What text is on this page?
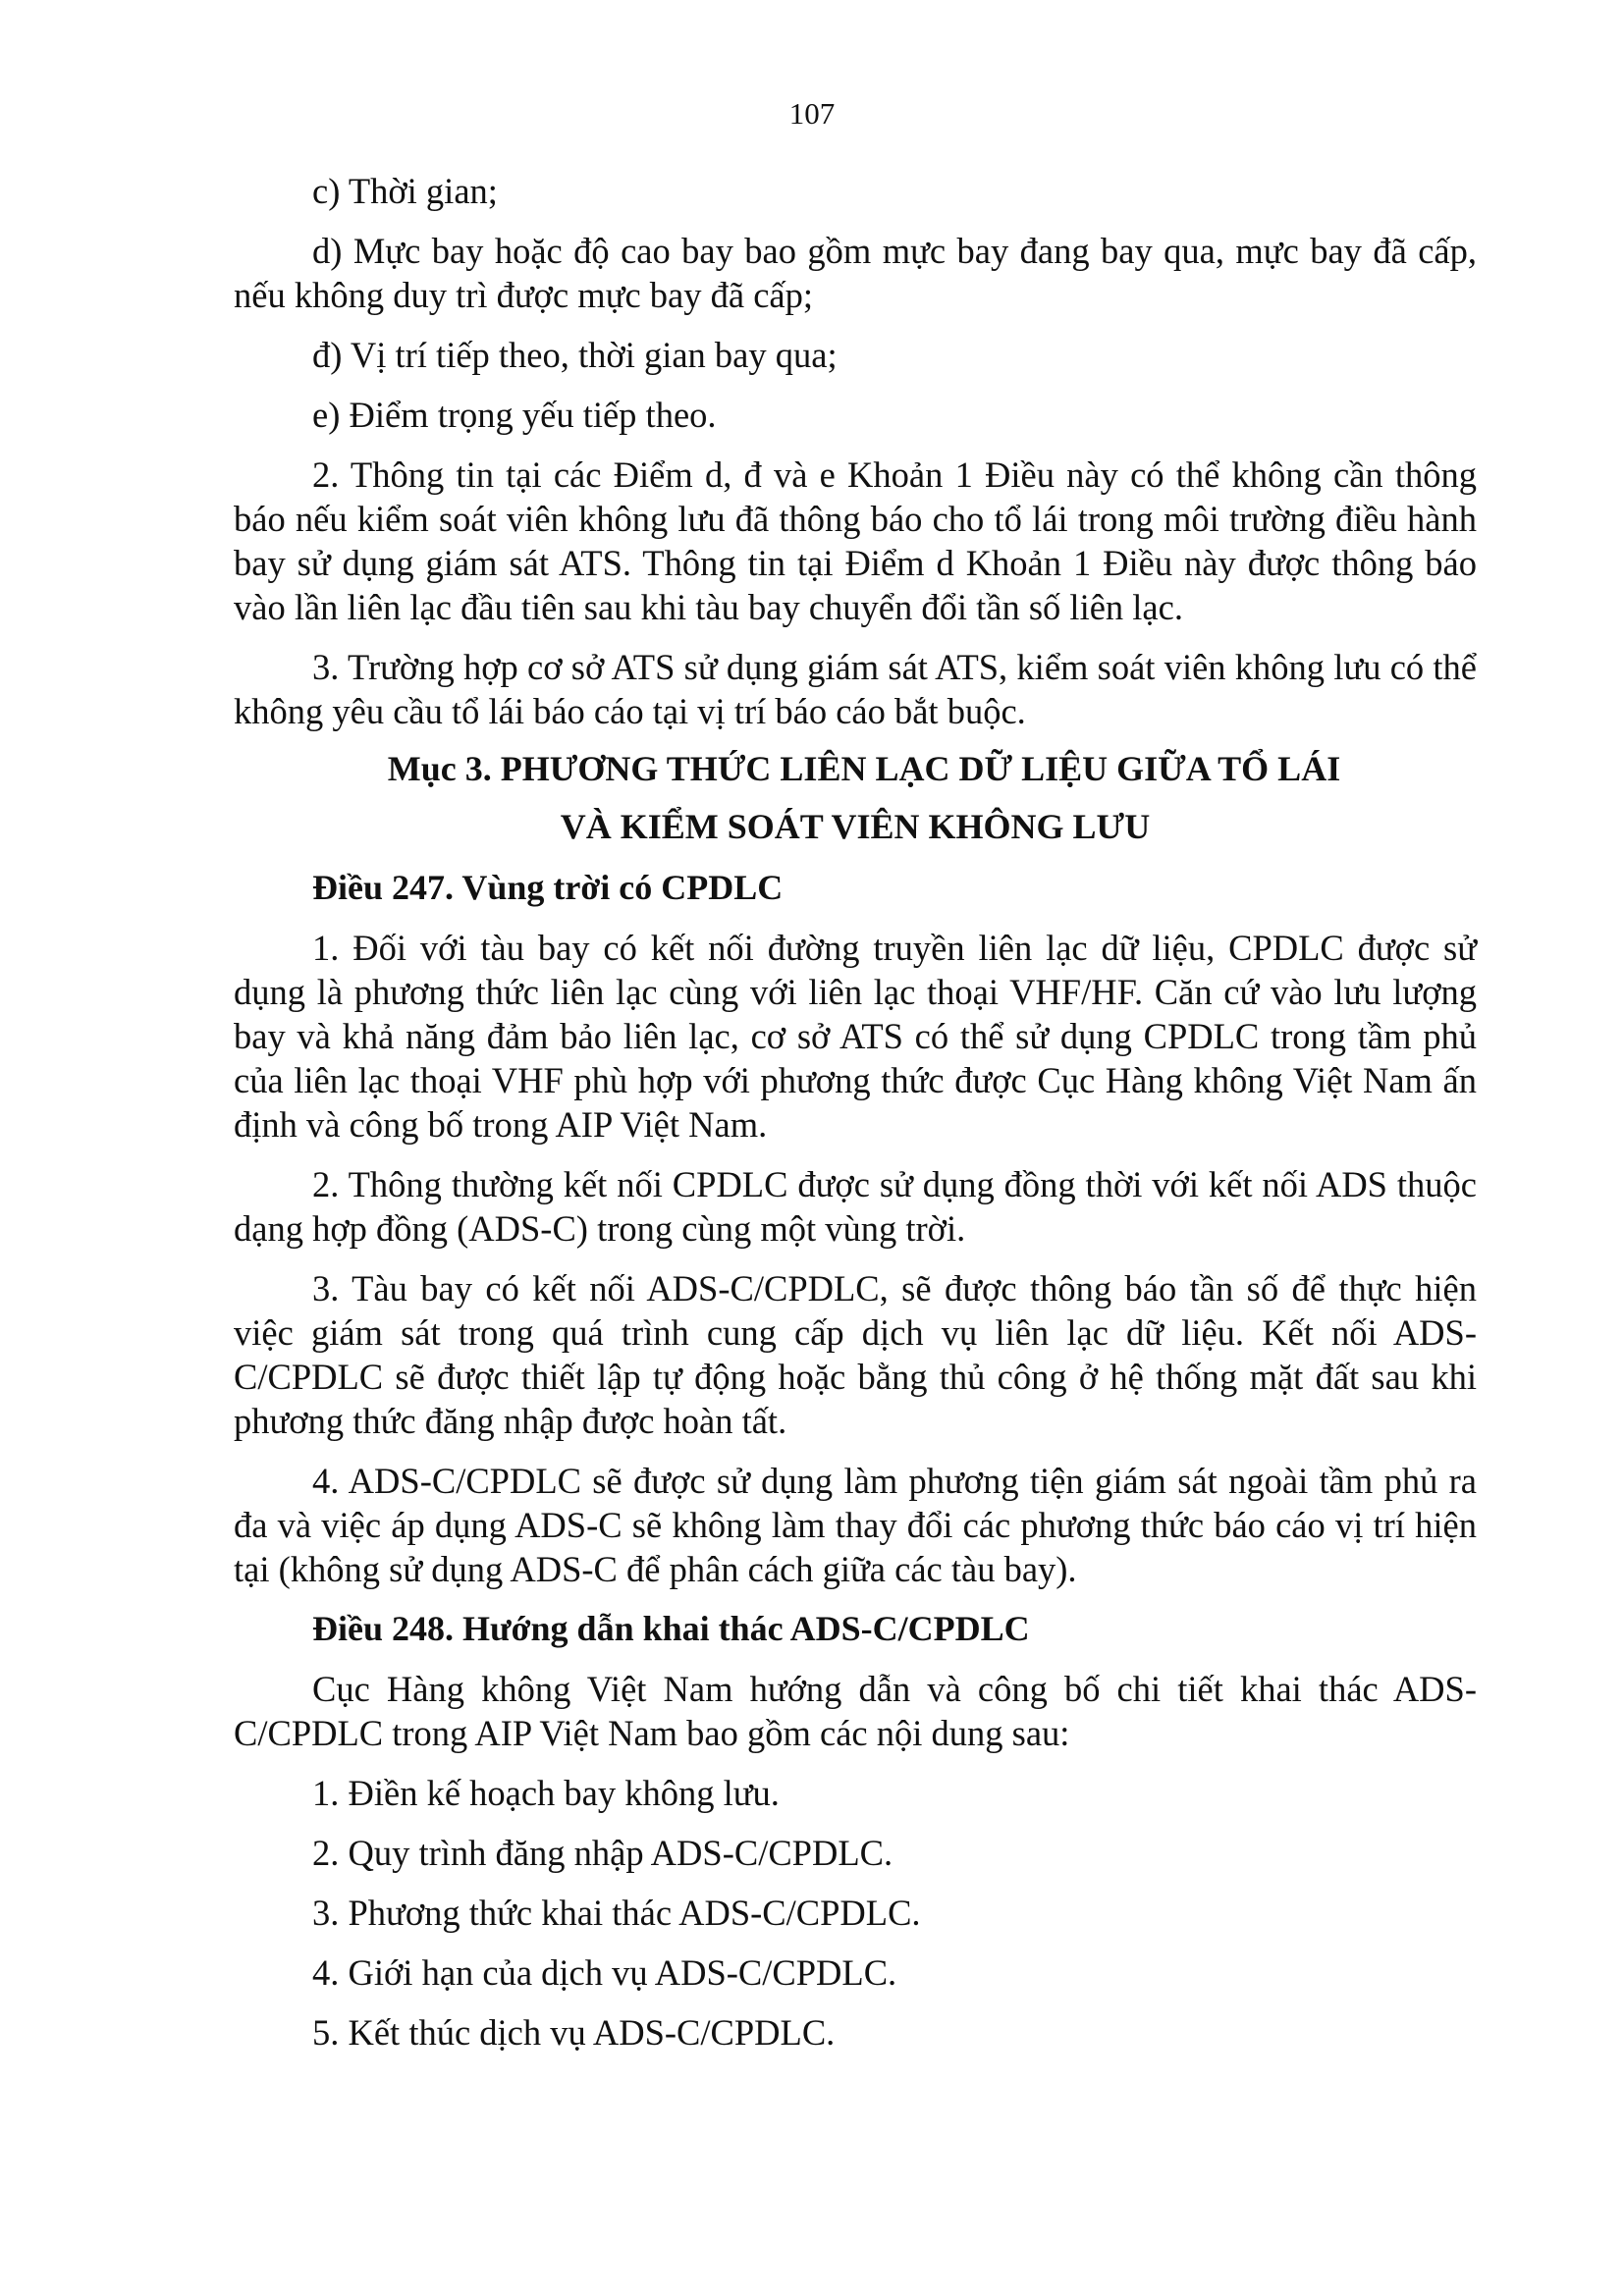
107

c) Thời gian;

d) Mực bay hoặc độ cao bay bao gồm mực bay đang bay qua, mực bay đã cấp, nếu không duy trì được mực bay đã cấp;

đ) Vị trí tiếp theo, thời gian bay qua;

e) Điểm trọng yếu tiếp theo.

2. Thông tin tại các Điểm d, đ và e Khoản 1 Điều này có thể không cần thông báo nếu kiểm soát viên không lưu đã thông báo cho tổ lái trong môi trường điều hành bay sử dụng giám sát ATS. Thông tin tại Điểm d Khoản 1 Điều này được thông báo vào lần liên lạc đầu tiên sau khi tàu bay chuyển đổi tần số liên lạc.

3. Trường hợp cơ sở ATS sử dụng giám sát ATS, kiểm soát viên không lưu có thể không yêu cầu tổ lái báo cáo tại vị trí báo cáo bắt buộc.

Mục 3. PHƯƠNG THỨC LIÊN LẠC DỮ LIỆU GIỮA TỔ LÁI
VÀ KIỂM SOÁT VIÊN KHÔNG LƯU
Điều 247. Vùng trời có CPDLC

1. Đối với tàu bay có kết nối đường truyền liên lạc dữ liệu, CPDLC được sử dụng là phương thức liên lạc cùng với liên lạc thoại VHF/HF. Căn cứ vào lưu lượng bay và khả năng đảm bảo liên lạc, cơ sở ATS có thể sử dụng CPDLC trong tầm phủ của liên lạc thoại VHF phù hợp với phương thức được Cục Hàng không Việt Nam ấn định và công bố trong AIP Việt Nam.

2. Thông thường kết nối CPDLC được sử dụng đồng thời với kết nối ADS thuộc dạng hợp đồng (ADS-C) trong cùng một vùng trời.

3. Tàu bay có kết nối ADS-C/CPDLC, sẽ được thông báo tần số để thực hiện việc giám sát trong quá trình cung cấp dịch vụ liên lạc dữ liệu. Kết nối ADS-C/CPDLC sẽ được thiết lập tự động hoặc bằng thủ công ở hệ thống mặt đất sau khi phương thức đăng nhập được hoàn tất.

4. ADS-C/CPDLC sẽ được sử dụng làm phương tiện giám sát ngoài tầm phủ ra đa và việc áp dụng ADS-C sẽ không làm thay đổi các phương thức báo cáo vị trí hiện tại (không sử dụng ADS-C để phân cách giữa các tàu bay).

Điều 248. Hướng dẫn khai thác ADS-C/CPDLC

Cục Hàng không Việt Nam hướng dẫn và công bố chi tiết khai thác ADS-C/CPDLC trong AIP Việt Nam bao gồm các nội dung sau:

1. Điền kế hoạch bay không lưu.

2. Quy trình đăng nhập ADS-C/CPDLC.

3. Phương thức khai thác ADS-C/CPDLC.

4. Giới hạn của dịch vụ ADS-C/CPDLC.

5. Kết thúc dịch vụ ADS-C/CPDLC.
